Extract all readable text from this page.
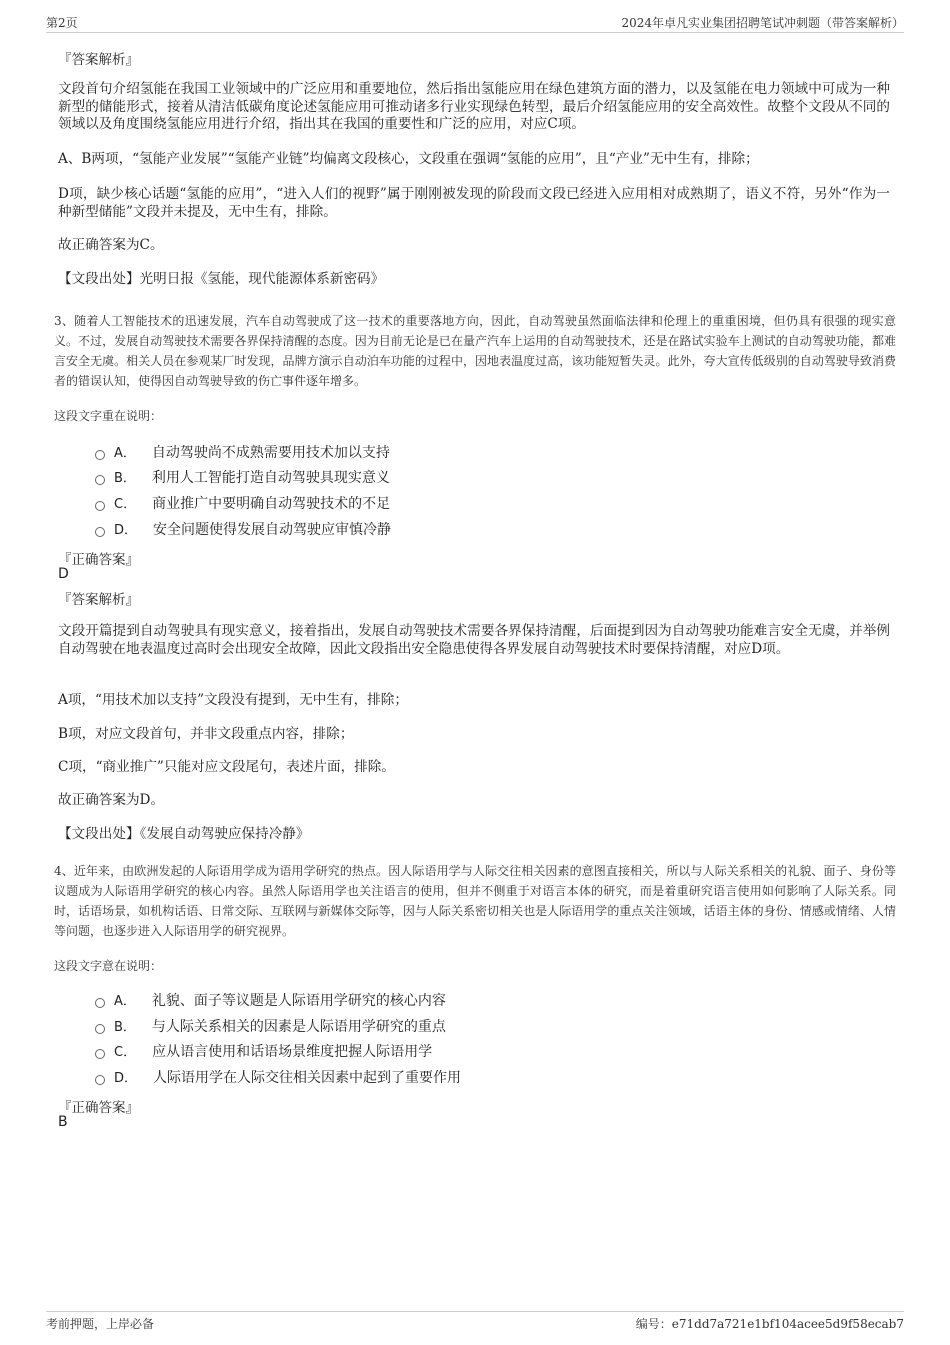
第2页	2024年卓凡实业集团招聘笔试冲刺题（带答案解析）
『答案解析』
文段首句介绍氢能在我国工业领域中的广泛应用和重要地位，然后指出氢能应用在绿色建筑方面的潜力，以及氢能在电力领域中可成为一种新型的储能形式，接着从清洁低碳角度论述氢能应用可推动诸多行业实现绿色转型，最后介绍氢能应用的安全高效性。故整个文段从不同的领域以及角度围绕氢能应用进行介绍，指出其在我国的重要性和广泛的应用，对应C项。
A、B两项，“氢能产业发展”“氢能产业链”均偏离文段核心，文段重在强调“氢能的应用”，且“产业”无中生有，排除；
D项，缺少核心话题“氢能的应用”，“进入人们的视野”属于刚刚被发现的阶段而文段已经进入应用相对成熟期了，语义不符，另外“作为一种新型储能”文段并未提及，无中生有，排除。
故正确答案为C。
【文段出处】光明日报《氢能，现代能源体系新密码》
3、随着人工智能技术的迅速发展，汽车自动驾驶成了这一技术的重要落地方向，因此，自动驾驶虽然面临法律和伦理上的重重困境，但仍具有很强的现实意义。不过，发展自动驾驶技术需要各界保持清醒的态度。因为目前无论是已在量产汽车上运用的自动驾驶技术，还是在路试实验车上测试的自动驾驶功能，都难言安全无虞。相关人员在参观某厂时发现，品牌方演示自动泊车功能的过程中，因地表温度过高，该功能短暂失灵。此外，夸大宣传低级别的自动驾驶导致消费者的错误认知，使得因自动驾驶导致的伤亡事件逐年增多。
这段文字重在说明：
A． 自动驾驶尚不成熟需要用技术加以支持
B． 利用人工智能打造自动驾驶具现实意义
C． 商业推广中要明确自动驾驶技术的不足
D． 安全问题使得发展自动驾驶应审慎冷静
『正确答案』
D
『答案解析』
文段开篇提到自动驾驶具有现实意义，接着指出，发展自动驾驶技术需要各界保持清醒，后面提到因为自动驾驶功能难言安全无虞，并举例自动驾驶在地表温度过高时会出现安全故障，因此文段指出安全隐患使得各界发展自动驾驶技术时要保持清醒，对应D项。
A项，“用技术加以支持”文段没有提到，无中生有，排除；
B项，对应文段首句，并非文段重点内容，排除；
C项，“商业推广”只能对应文段尾句，表述片面，排除。
故正确答案为D。
【文段出处】《发展自动驾驶应保持冷静》
4、近年来，由欧洲发起的人际语用学成为语用学研究的热点。因人际语用学与人际交往相关因素的意图直接相关，所以与人际关系相关的礼貌、面子、身份等议题成为人际语用学研究的核心内容。虽然人际语用学也关注语言的使用，但并不侧重于对语言本体的研究，而是着重研究语言使用如何影响了人际关系。同时，话语场景，如机构话语、日常交际、互联网与新媒体交际等，因与人际关系密切相关也是人际语用学的重点关注领域，话语主体的身份、情感或情绪、人情等问题，也逐步进入人际语用学的研究视界。
这段文字意在说明：
A． 礼貌、面子等议题是人际语用学研究的核心内容
B． 与人际关系相关的因素是人际语用学研究的重点
C． 应从语言使用和话语场景维度把握人际语用学
D． 人际语用学在人际交往相关因素中起到了重要作用
『正确答案』
B
考前押题，上岸必备	编号：e71dd7a721e1bf104acee5d9f58ecab7
